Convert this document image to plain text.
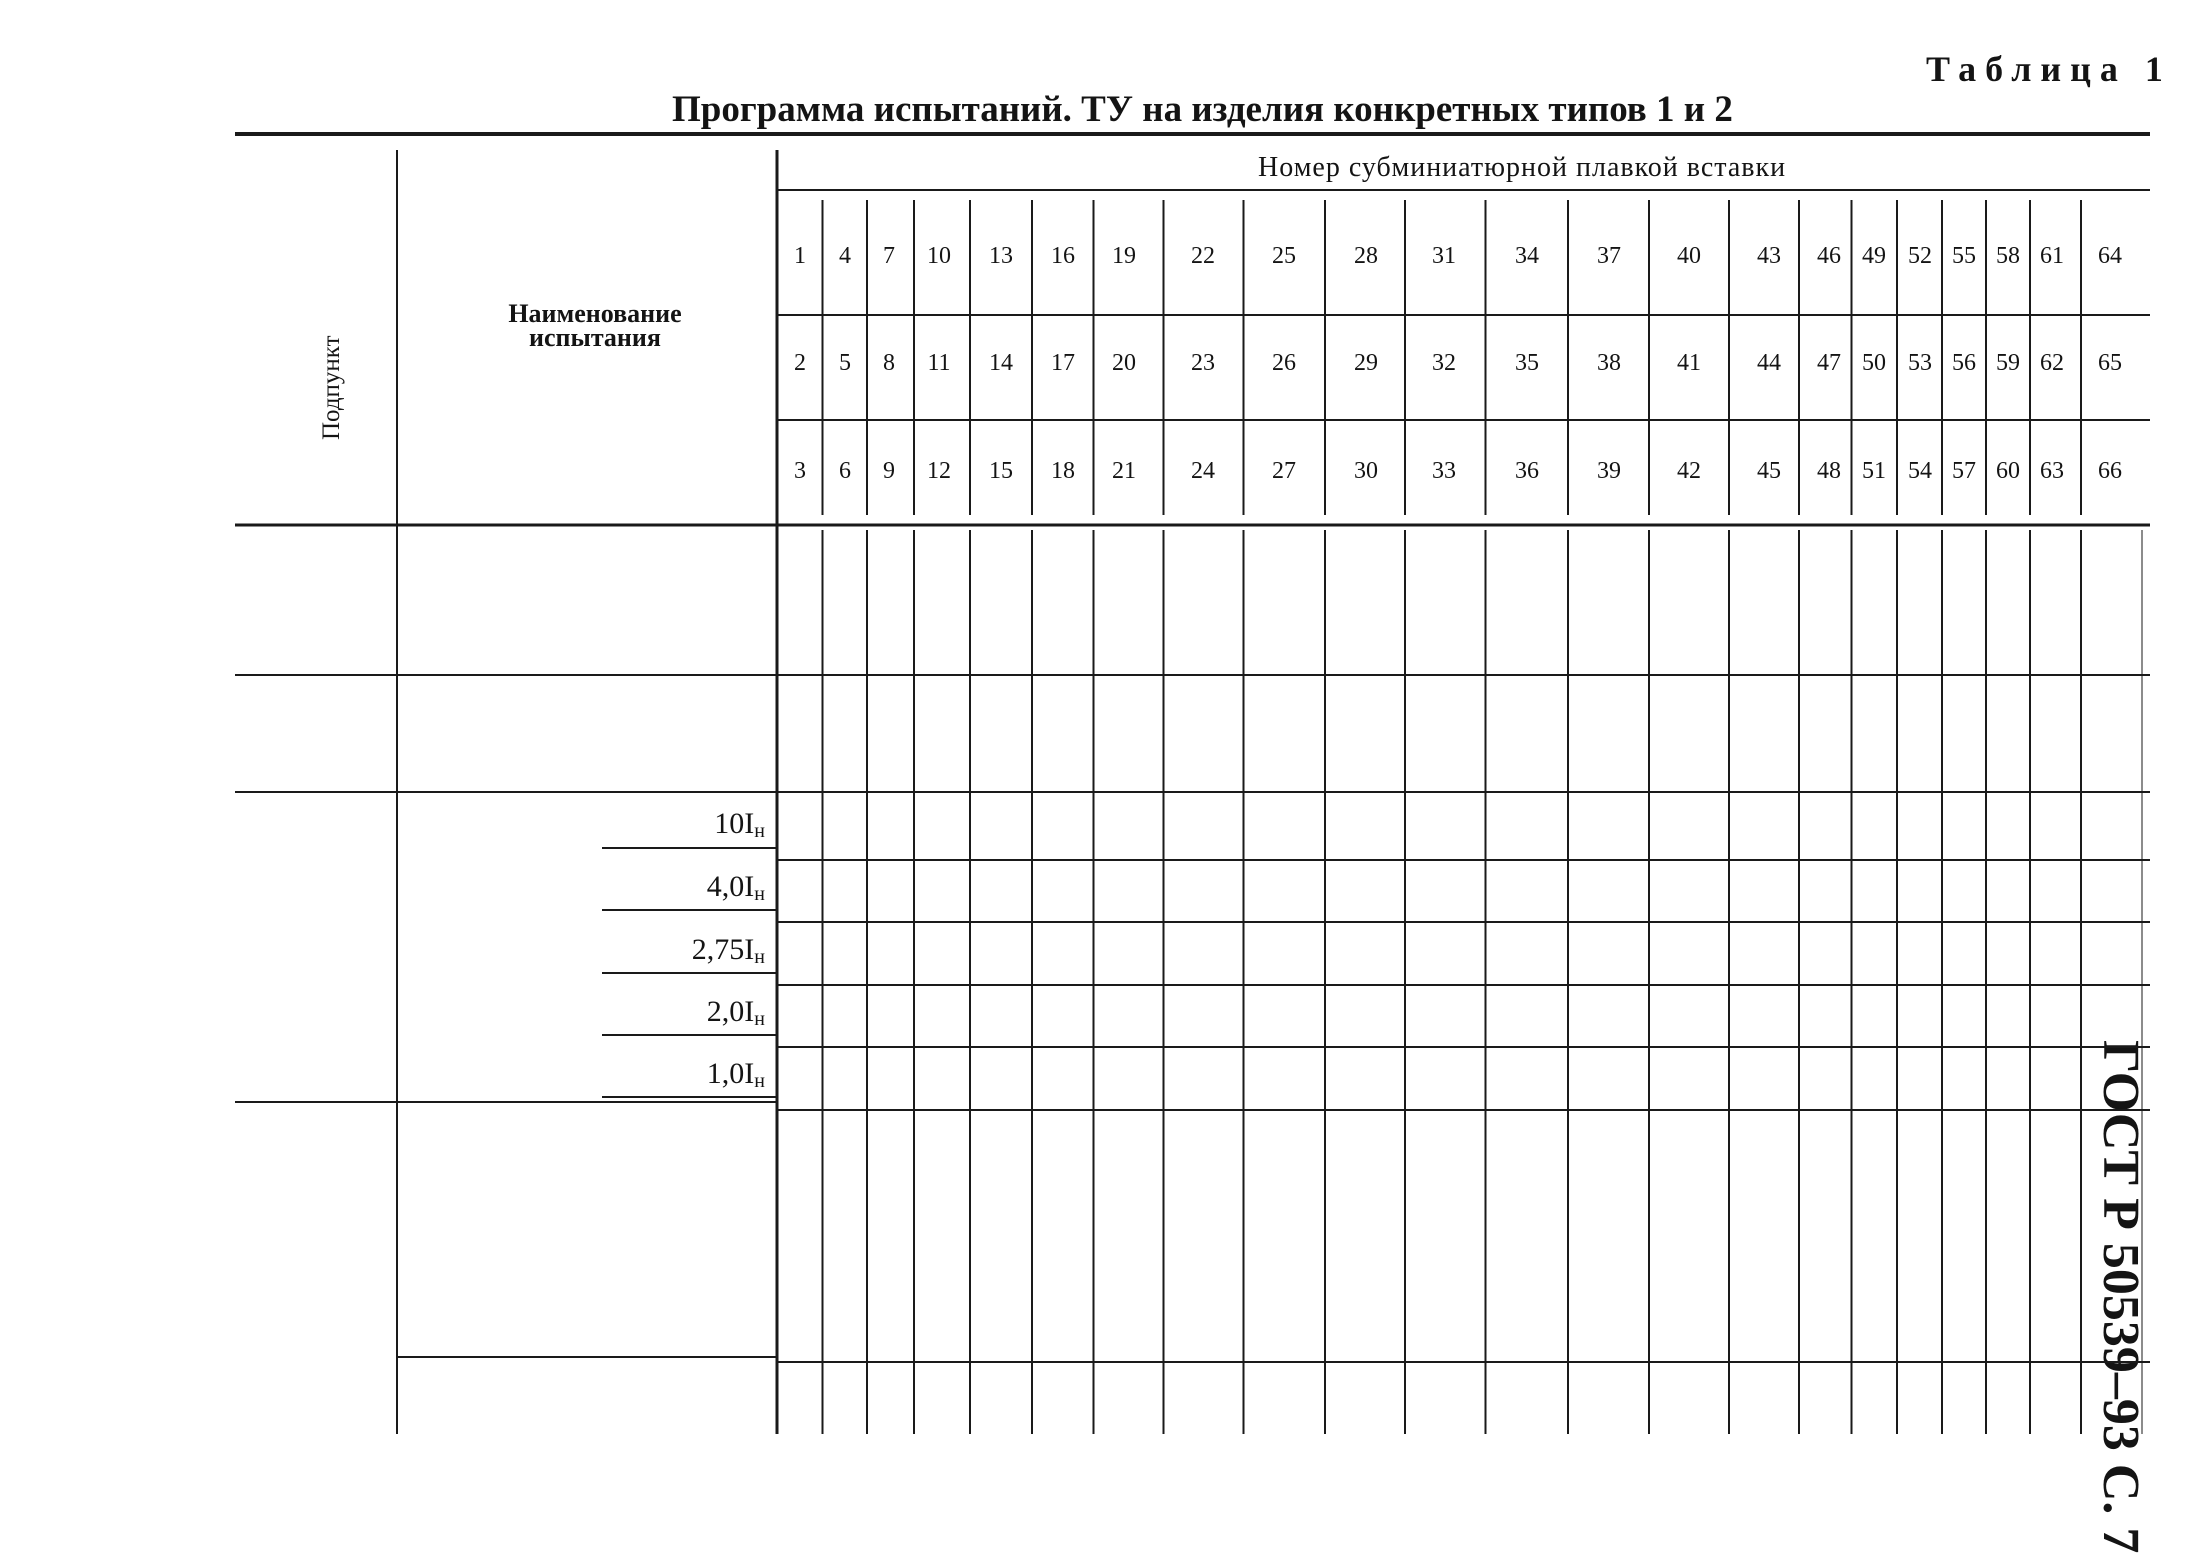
Таблица 1
Программа испытаний. ТУ на изделия конкретных типов 1 и 2
Номер субминиатюрной плавкой вставки
Наименование испытания
Подпункт
ГОСТ Р 50539–93 С. 7
1	4	7	10	13	16	19	22	25	28	31	34	37	40	43	46 49 52 55 58 61	64
2	5	8	11	14	17	20	23	26	29	32	35	38	41	44	47 50 53 56 59 62	65
3	6	9	12	15	18	21	24	27	30	33	36	39	42	45	48 51 54 57 60 63	66
$10I_н$
$4,0I_н$
$2,75I_н$
$2,0I_н$
$1,0I_н$
